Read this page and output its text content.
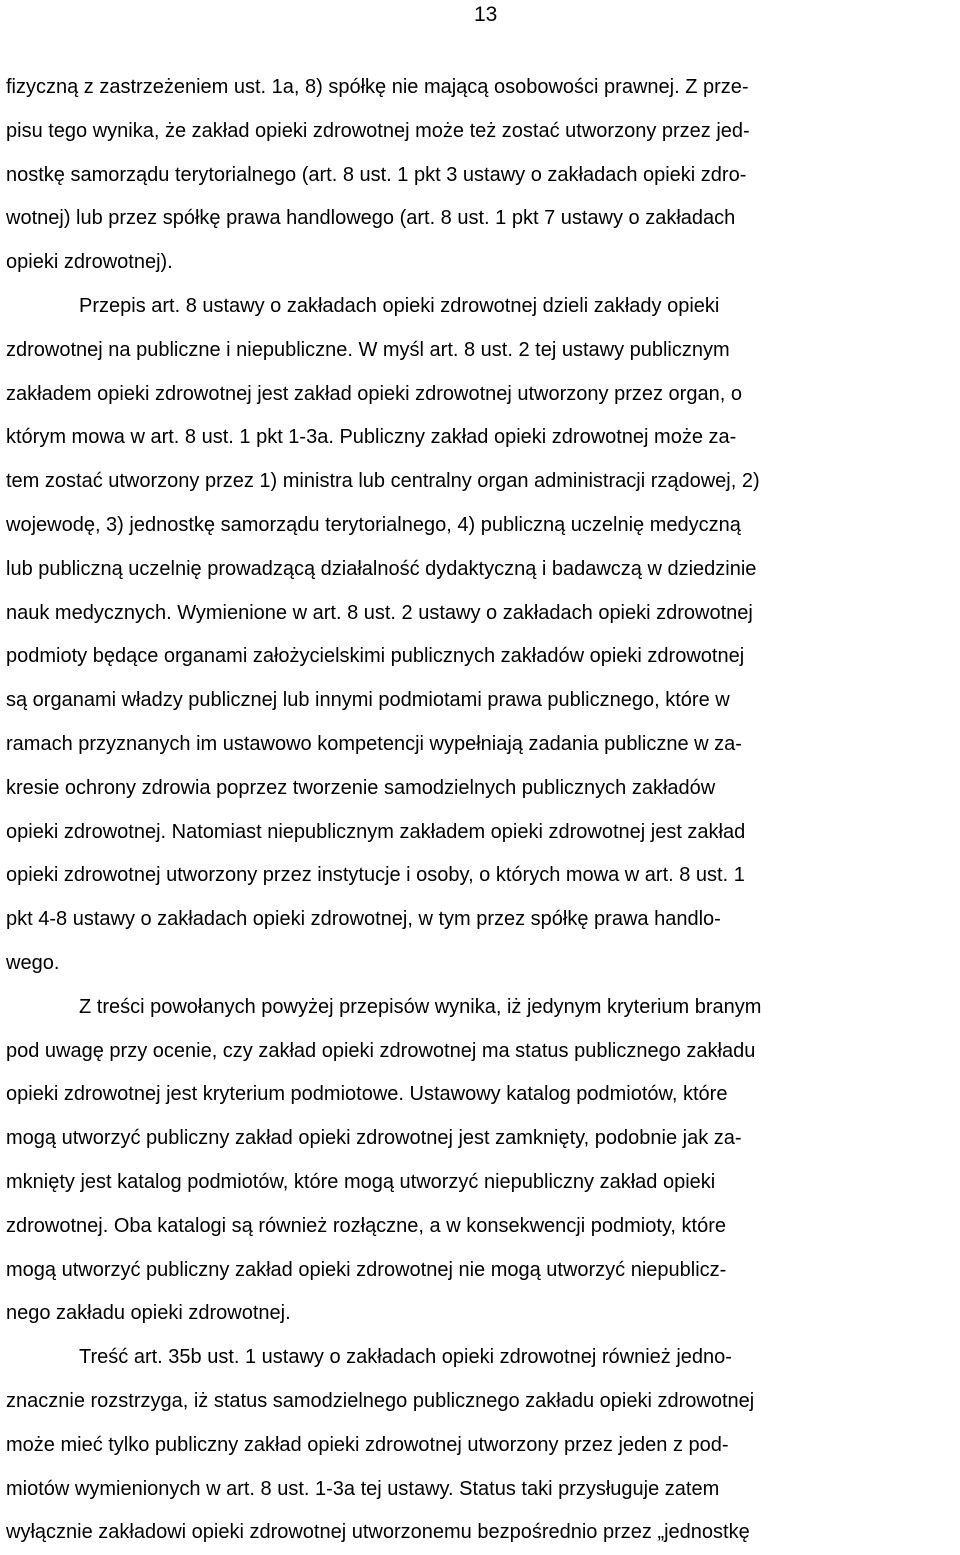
13
fizyczną z zastrzeżeniem ust. 1a, 8) spółkę nie mającą osobowości prawnej. Z prze-
pisu tego wynika, że zakład opieki zdrowotnej może też zostać utworzony przez jed-
nostkę samorządu terytorialnego (art. 8 ust. 1 pkt 3 ustawy o zakładach opieki zdro-
wotnej) lub przez spółkę prawa handlowego (art. 8 ust. 1 pkt 7 ustawy o zakładach
opieki zdrowotnej).
Przepis art. 8 ustawy o zakładach opieki zdrowotnej dzieli zakłady opieki
zdrowotnej na publiczne i niepubliczne. W myśl art. 8 ust. 2 tej ustawy publicznym
zakładem opieki zdrowotnej jest zakład opieki zdrowotnej utworzony przez organ, o
którym mowa w art. 8 ust. 1 pkt 1-3a. Publiczny zakład opieki zdrowotnej może za-
tem zostać utworzony przez 1) ministra lub centralny organ administracji rządowej, 2)
wojewodę, 3) jednostkę samorządu terytorialnego, 4) publiczną uczelnię medyczną
lub publiczną uczelnię prowadzącą działalność dydaktyczną i badawczą w dziedzinie
nauk medycznych. Wymienione w art. 8 ust. 2 ustawy o zakładach opieki zdrowotnej
podmioty będące organami założycielskimi publicznych zakładów opieki zdrowotnej
są organami władzy publicznej lub innymi podmiotami prawa publicznego, które w
ramach przyznanych im ustawowo kompetencji wypełniają zadania publiczne w za-
kresie ochrony zdrowia poprzez tworzenie samodzielnych publicznych zakładów
opieki zdrowotnej. Natomiast niepublicznym zakładem opieki zdrowotnej jest zakład
opieki zdrowotnej utworzony przez instytucje i osoby, o których mowa w art. 8 ust. 1
pkt 4-8 ustawy o zakładach opieki zdrowotnej, w tym przez spółkę prawa handlo-
wego.
Z treści powołanych powyżej przepisów wynika, iż jedynym kryterium branym
pod uwagę przy ocenie, czy zakład opieki zdrowotnej ma status publicznego zakładu
opieki zdrowotnej jest kryterium podmiotowe. Ustawowy katalog podmiotów, które
mogą utworzyć publiczny zakład opieki zdrowotnej jest zamknięty, podobnie jak za-
mknięty jest katalog podmiotów, które mogą utworzyć niepubliczny zakład opieki
zdrowotnej. Oba katalogi są również rozłączne, a w konsekwencji podmioty, które
mogą utworzyć publiczny zakład opieki zdrowotnej nie mogą utworzyć niepublicz-
nego zakładu opieki zdrowotnej.
Treść art. 35b ust. 1 ustawy o zakładach opieki zdrowotnej również jedno-
znacznie rozstrzyga, iż status samodzielnego publicznego zakładu opieki zdrowotnej
może mieć tylko publiczny zakład opieki zdrowotnej utworzony przez jeden z pod-
miotów wymienionych w art. 8 ust. 1-3a tej ustawy. Status taki przysługuje zatem
wyłącznie zakładowi opieki zdrowotnej utworzonemu bezpośrednio przez „jednostkę
